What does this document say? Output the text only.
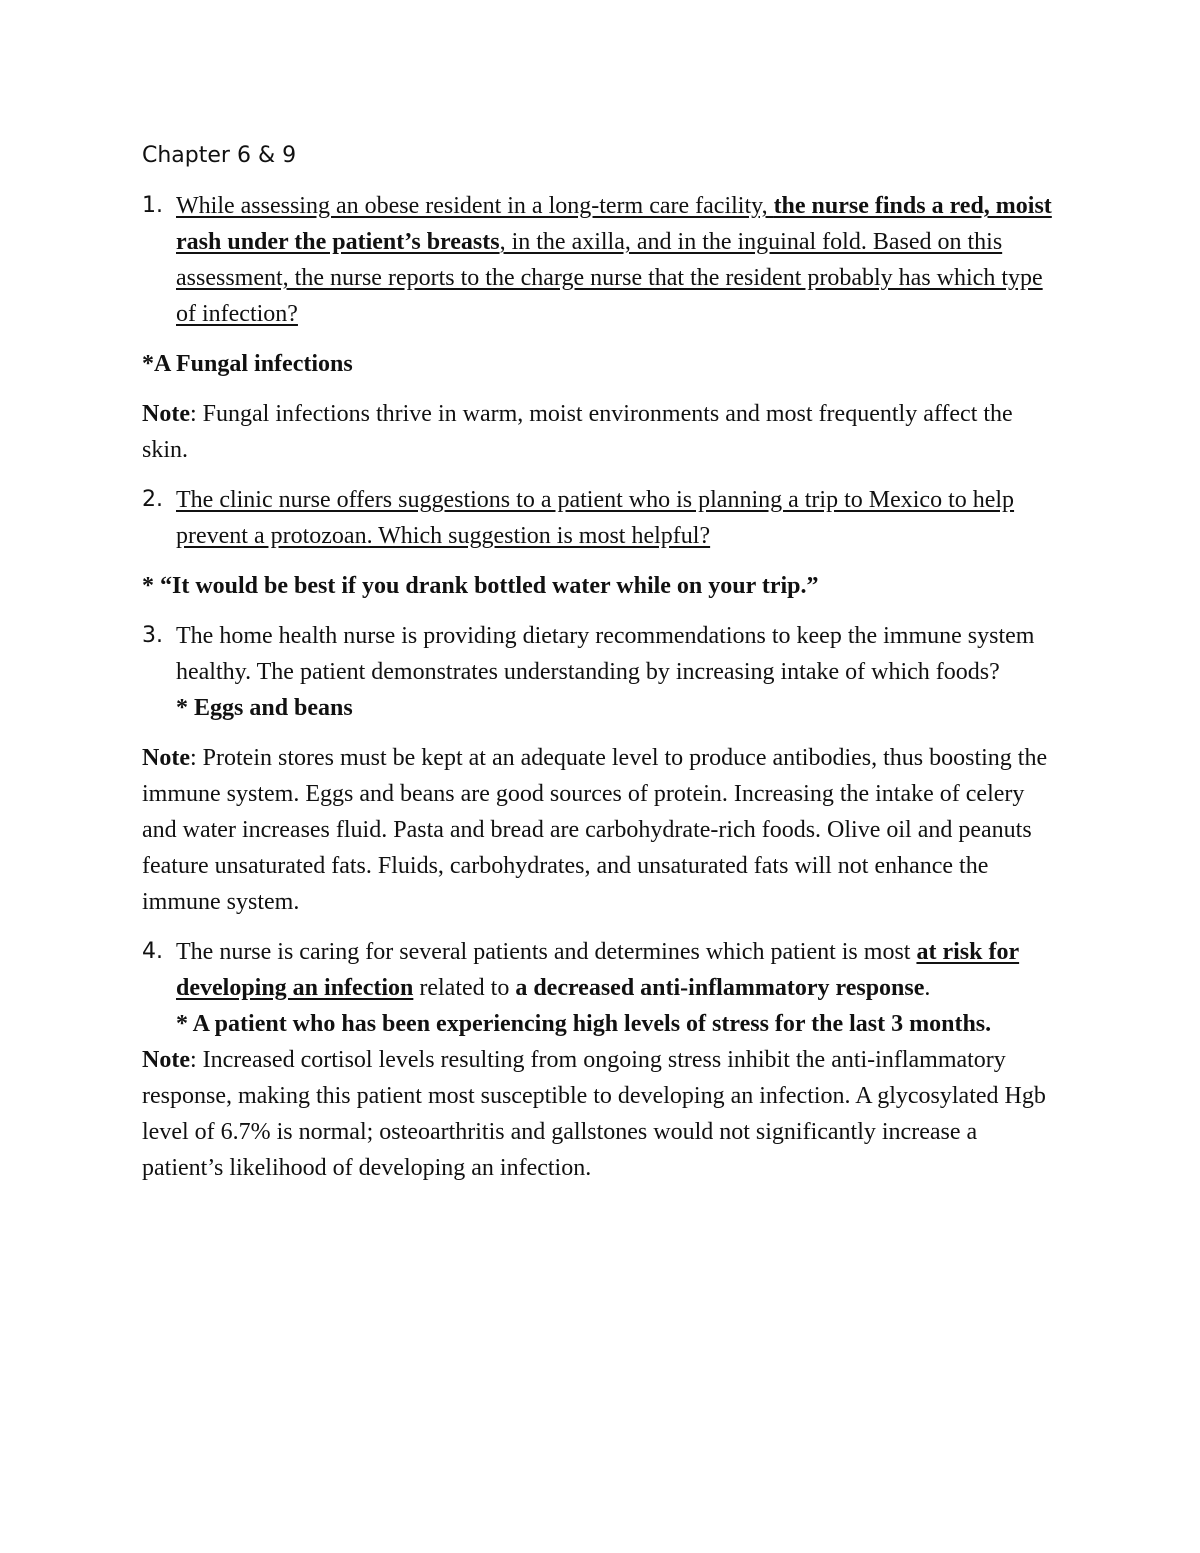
Chapter 6 & 9
1. While assessing an obese resident in a long-term care facility, the nurse finds a red, moist rash under the patient’s breasts, in the axilla, and in the inguinal fold. Based on this assessment, the nurse reports to the charge nurse that the resident probably has which type of infection?
*A Fungal infections
Note: Fungal infections thrive in warm, moist environments and most frequently affect the skin.
2. The clinic nurse offers suggestions to a patient who is planning a trip to Mexico to help prevent a protozoan. Which suggestion is most helpful?
* “It would be best if you drank bottled water while on your trip.”
3. The home health nurse is providing dietary recommendations to keep the immune system healthy. The patient demonstrates understanding by increasing intake of which foods?
* Eggs and beans
Note: Protein stores must be kept at an adequate level to produce antibodies, thus boosting the immune system. Eggs and beans are good sources of protein. Increasing the intake of celery and water increases fluid. Pasta and bread are carbohydrate-rich foods. Olive oil and peanuts feature unsaturated fats. Fluids, carbohydrates, and unsaturated fats will not enhance the immune system.
4. The nurse is caring for several patients and determines which patient is most at risk for developing an infection related to a decreased anti-inflammatory response.
* A patient who has been experiencing high levels of stress for the last 3 months.
Note: Increased cortisol levels resulting from ongoing stress inhibit the anti-inflammatory response, making this patient most susceptible to developing an infection. A glycosylated Hgb level of 6.7% is normal; osteoarthritis and gallstones would not significantly increase a patient’s likelihood of developing an infection.
